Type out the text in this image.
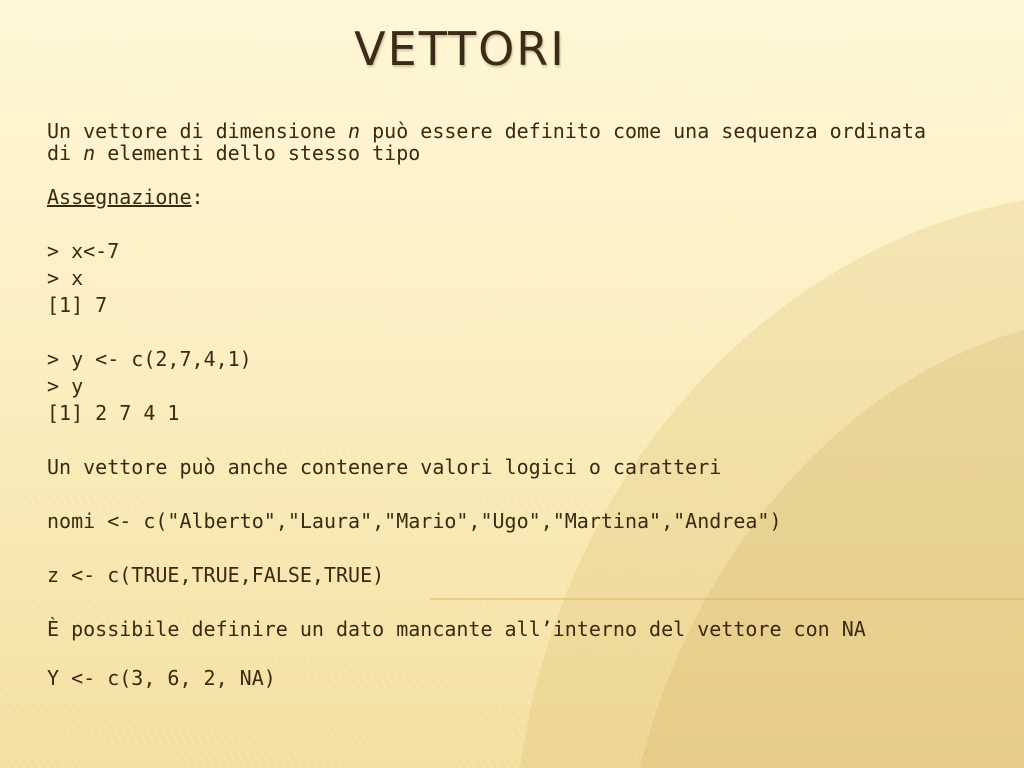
VETTORI

Un vettore di dimensione n può essere definito come una sequenza ordinata di n elementi dello stesso tipo

Assegnazione:
> x<-7
> x
[1] 7
> y <- c(2,7,4,1)
> y
[1] 2 7 4 1
Un vettore può anche contenere valori logici o caratteri
nomi <- c("Alberto","Laura","Mario","Ugo","Martina","Andrea")
z <- c(TRUE,TRUE,FALSE,TRUE)

È possibile definire un dato mancante all’interno del vettore con NA

Y <- c(3, 6, 2, NA)
